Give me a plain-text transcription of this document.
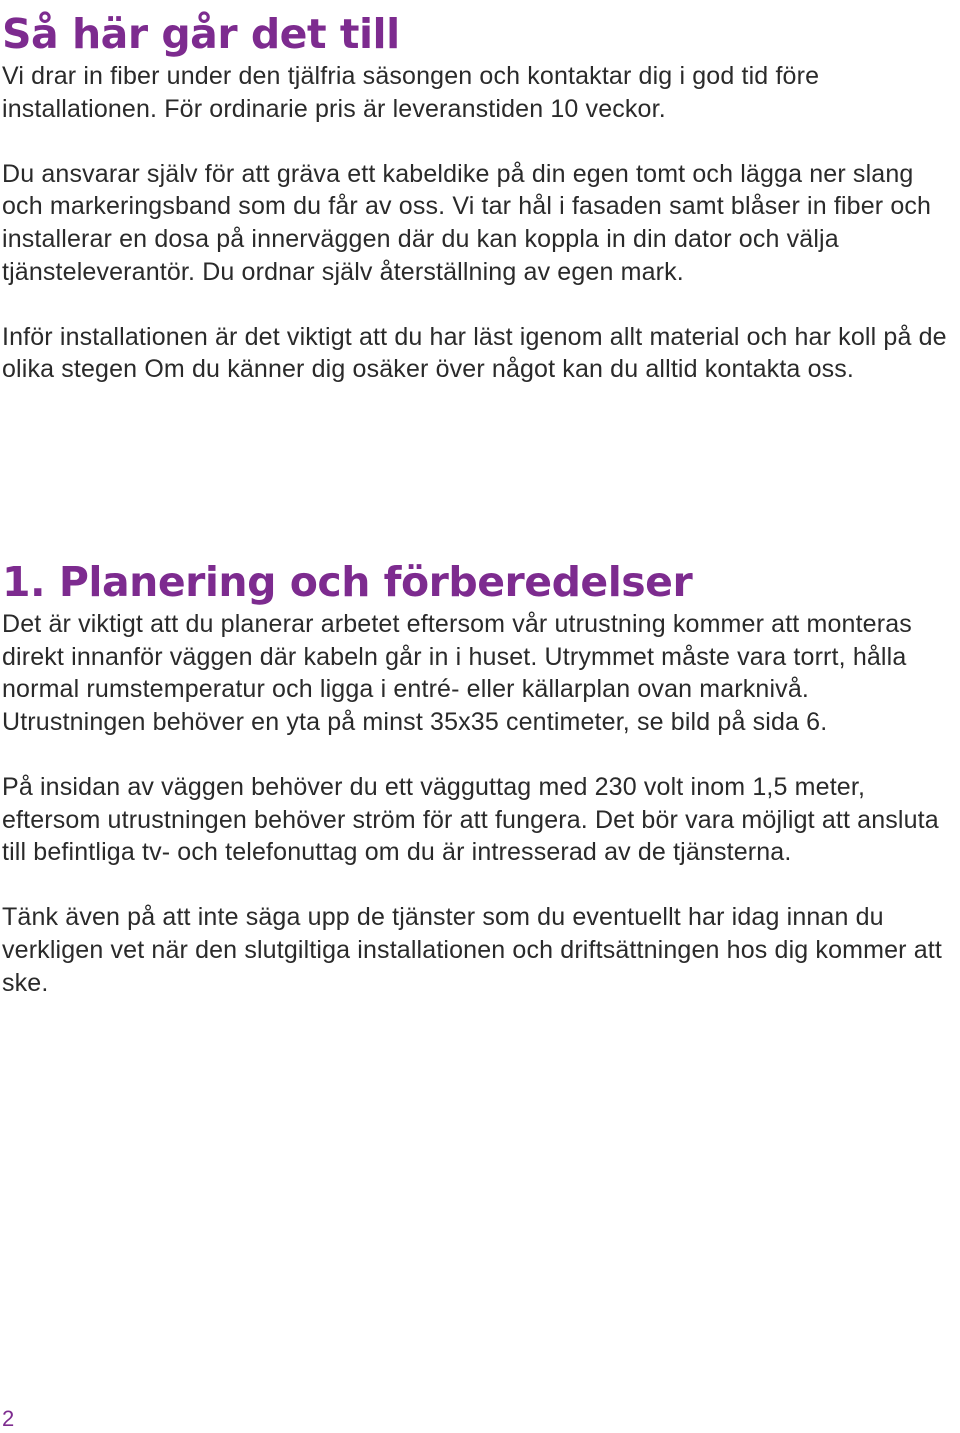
Så här går det till

Vi drar in fiber under den tjälfria säsongen och kontaktar dig i god tid före installationen. För ordinarie pris är leveranstiden 10 veckor.

Du ansvarar själv för att gräva ett kabeldike på din egen tomt och lägga ner slang och markeringsband som du får av oss. Vi tar hål i fasaden samt blåser in fiber och installerar en dosa på innerväggen där du kan koppla in din dator och välja tjänsteleverantör. Du ordnar själv återställning av egen mark.

Inför installationen är det viktigt att du har läst igenom allt material och har koll på de olika stegen Om du känner dig osäker över något kan du alltid kontakta oss.

1. Planering och förberedelser

Det är viktigt att du planerar arbetet eftersom vår utrustning kommer att monteras direkt innanför väggen där kabeln går in i huset. Utrymmet måste vara torrt, hålla normal rumstemperatur och ligga i entré- eller källarplan ovan marknivå. Utrustningen behöver en yta på minst 35x35 centimeter, se bild på sida 6.

På insidan av väggen behöver du ett vägguttag med 230 volt inom 1,5 meter, eftersom utrustningen behöver ström för att fungera. Det bör vara möjligt att ansluta till befintliga tv- och telefonuttag om du är intresserad av de tjänsterna.

Tänk även på att inte säga upp de tjänster som du eventuellt har idag innan du verkligen vet när den slutgiltiga installationen och driftsättningen hos dig kommer att ske.

2
